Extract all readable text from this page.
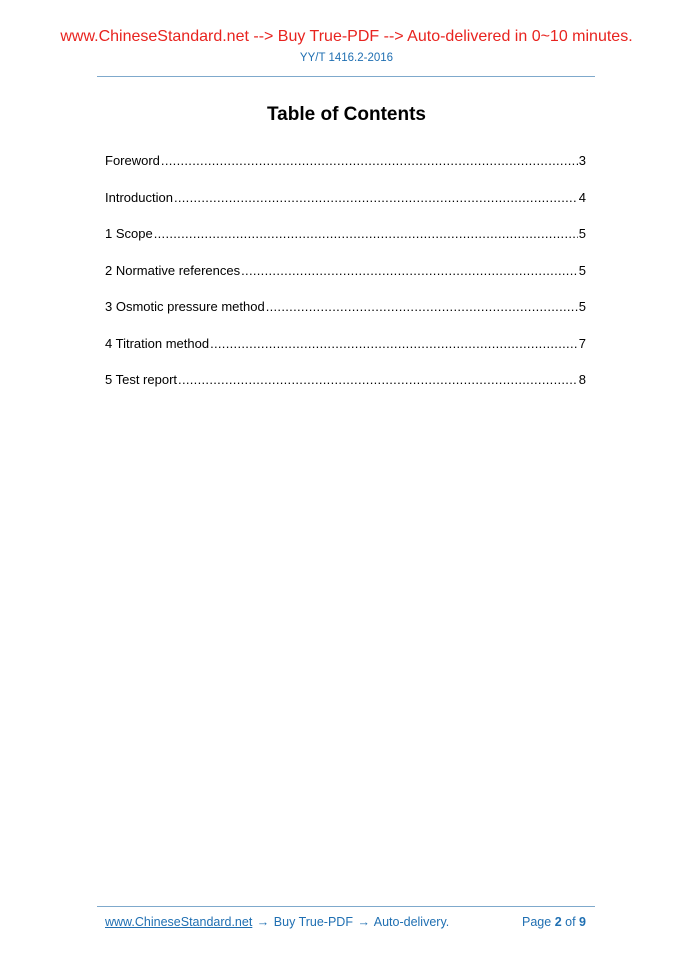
www.ChineseStandard.net --> Buy True-PDF --> Auto-delivered in 0~10 minutes.
YY/T 1416.2-2016
Table of Contents
Foreword .....	3
Introduction .....	4
1 Scope .....	5
2 Normative references .....	5
3 Osmotic pressure method .....	5
4 Titration method .....	7
5 Test report .....	8
www.ChineseStandard.net → Buy True-PDF → Auto-delivery.	Page 2 of 9
